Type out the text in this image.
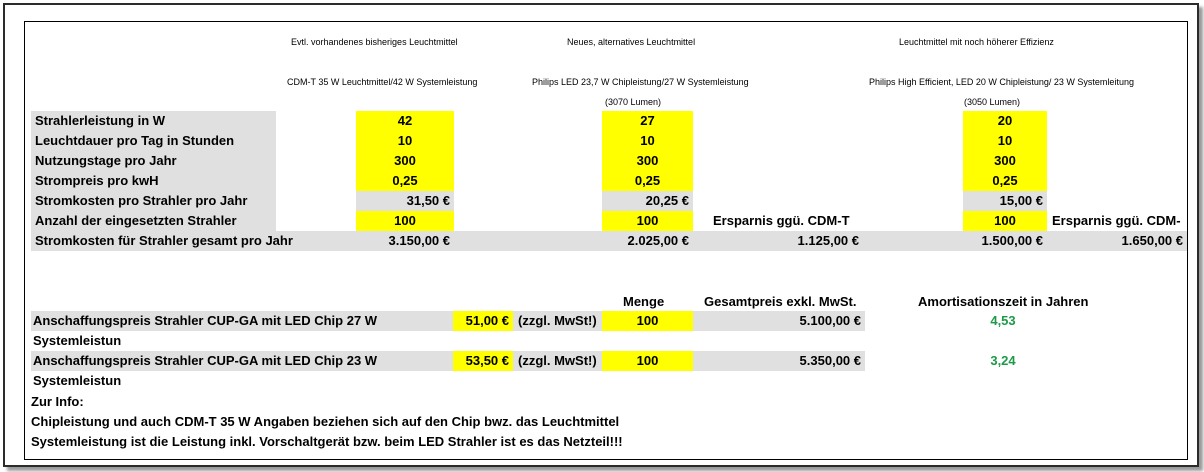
Evtl. vorhandenes bisheriges Leuchtmittel	Neues, alternatives Leuchtmittel	Leuchtmittel mit noch höherer Effizienz
CDM-T 35 W Leuchtmittel/42 W Systemleistung	Philips LED 23,7 W Chipleistung/27 W Systemleistung	Philips High Efficient, LED 20 W Chipleistung/ 23 W Systemleitung
(3070 Lumen)	(3050 Lumen)
Strahlerleistung in W	42	27	20
Leuchtdauer pro Tag in Stunden	10	10	10
Nutzungstage pro Jahr	300	300	300
Strompreis pro kwH	0,25	0,25	0,25
Stromkosten pro Strahler pro Jahr	31,50 €	20,25 €	15,00 €
Anzahl der eingesetzten Strahler	100	100	Ersparnis ggü. CDM-T	100	Ersparnis ggü. CDM-
Stromkosten für Strahler gesamt pro Jahr	3.150,00 €	2.025,00 €	1.125,00 €	1.500,00 €	1.650,00 €
Menge	Gesamtpreis exkl. MwSt.	Amortisationszeit in Jahren
Anschaffungspreis Strahler CUP-GA mit LED Chip 27 W Systemleistun
51,00 € (zzgl. MwSt!)	100	5.100,00 €	4,53
Anschaffungspreis Strahler CUP-GA mit LED Chip 23 W Systemleistun
53,50 € (zzgl. MwSt!)	100	5.350,00 €	3,24
Zur Info:
Chipleistung und auch CDM-T 35 W Angaben beziehen sich auf den Chip bwz. das Leuchtmittel
Systemleistung ist die Leistung inkl. Vorschaltgerät bzw. beim LED Strahler ist es das Netzteil!!!
